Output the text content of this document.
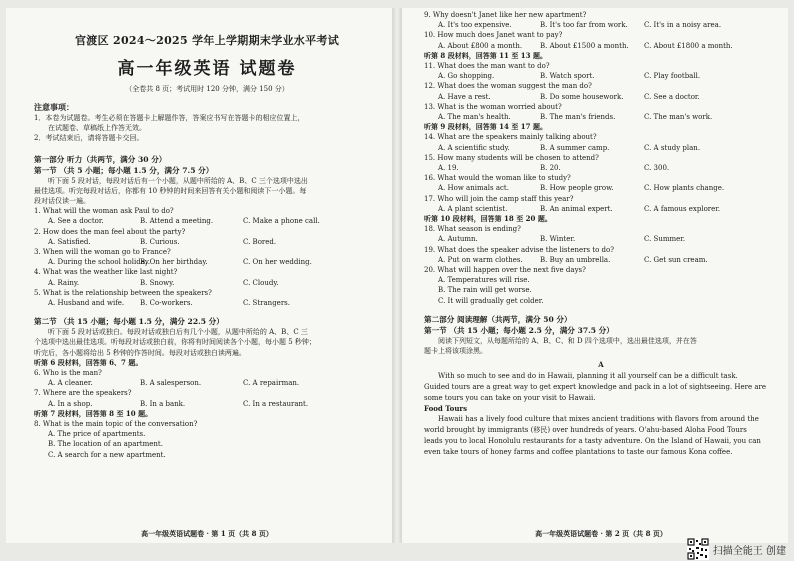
官渡区 2024～2025 学年上学期期末学业水平考试
高一年级英语 试题卷
（全卷共 8 页；考试用时 120 分钟，满分 150 分）
注意事项：
1．本卷为试题卷。考生必须在答题卡上解题作答，答案应书写在答题卡的相应位置上，
在试题卷、草稿纸上作答无效。
2．考试结束后，请将答题卡交回。
第一部分 听力（共两节，满分 30 分）
第一节 （共 5 小题；每小题 1.5 分，满分 7.5 分）
听下面 5 段对话，每段对话后有一个小题，从题中所给的 A、B、C 三个选项中选出
最佳选项。听完每段对话后，你都有 10 秒钟的时间来回答有关小题和阅读下一小题。每
段对话仅读一遍。
1. What will the woman ask Paul to do?
A. See a doctor.	B. Attend a meeting.	C. Make a phone call.
2. How does the man feel about the party?
A. Satisfied.	B. Curious.	C. Bored.
3. When will the woman go to France?
A. During the school holiday.
B. On her birthday.	C. On her wedding.
4. What was the weather like last night?
A. Rainy.	B. Snowy.	C. Cloudy.
5. What is the relationship between the speakers?
A. Husband and wife.	B. Co-workers.	C. Strangers.
第二节 （共 15 小题；每小题 1.5 分，满分 22.5 分）
听下面 5 段对话或独白。每段对话或独白后有几个小题，从题中所给的 A、B、C 三
个选项中选出最佳选项。听每段对话或独白前，你将有时间阅读各个小题，每小题 5 秒钟；
听完后，各小题将给出 5 秒钟的作答时间。每段对话或独白读两遍。
听第 6 段材料，回答第 6、7 题。
6. Who is the man?
A. A cleaner.	B. A salesperson.	C. A repairman.
7. Where are the speakers?
A. In a shop.	B. In a bank.	C. In a restaurant.
听第 7 段材料，回答第 8 至 10 题。
8. What is the main topic of the conversation?
A. The price of apartments.
B. The location of an apartment.
C. A search for a new apartment.
高一年级英语试题卷 · 第 1 页（共 8 页）
9. Why doesn't Janet like her new apartment?
A. It's too expensive.	B. It's too far from work.	C. It's in a noisy area.
10. How much does Janet want to pay?
A. About £800 a month.	B. About £1500 a month.	C. About £1800 a month.
听第 8 段材料，回答第 11 至 13 题。
11. What does the man want to do?
A. Go shopping.	B. Watch sport.	C. Play football.
12. What does the woman suggest the man do?
A. Have a rest.	B. Do some housework.	C. See a doctor.
13. What is the woman worried about?
A. The man's health.	B. The man's friends.	C. The man's work.
听第 9 段材料，回答第 14 至 17 题。
14. What are the speakers mainly talking about?
A. A scientific study.	B. A summer camp.	C. A study plan.
15. How many students will be chosen to attend?
A. 19.	B. 20.	C. 300.
16. What would the woman like to study?
A. How animals act.	B. How people grow.	C. How plants change.
17. Who will join the camp staff this year?
A. A plant scientist.	B. An animal expert.	C. A famous explorer.
听第 10 段材料，回答第 18 至 20 题。
18. What season is ending?
A. Autumn.	B. Winter.	C. Summer.
19. What does the speaker advise the listeners to do?
A. Put on warm clothes.	B. Buy an umbrella.	C. Get sun cream.
20. What will happen over the next five days?
A. Temperatures will rise.
B. The rain will get worse.
C. It will gradually get colder.
第二部分 阅读理解（共两节，满分 50 分）
第一节 （共 15 小题；每小题 2.5 分，满分 37.5 分）
阅读下列短文，从每题所给的 A、B、C、和 D 四个选项中，选出最佳选项，并在答
题卡上将该项涂黑。
A
With so much to see and do in Hawaii, planning it all yourself can be a difficult task.
Guided tours are a great way to get expert knowledge and pack in a lot of sightseeing. Here are
some tours you can take on your visit to Hawaii.
Food Tours
Hawaii has a lively food culture that mixes ancient traditions with flavors from around the
world brought by immigrants (移民) over hundreds of years. O'ahu-based Aloha Food Tours
leads you to local Honolulu restaurants for a tasty adventure. On the Island of Hawaii, you can
even take tours of honey farms and coffee plantations to taste our famous Kona coffee.
高一年级英语试题卷 · 第 2 页（共 8 页）
扫描全能王 创建
